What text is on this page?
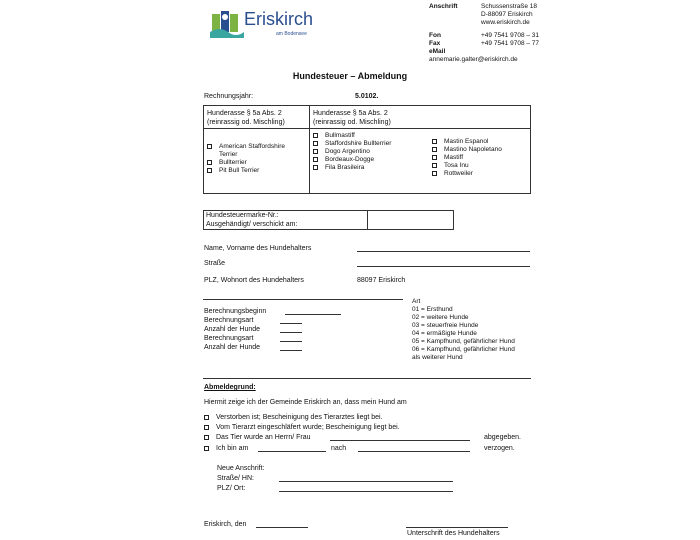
Eriskirch
am Bodensee
Anschrift	Schussenstraße 18
D-88097 Eriskirch
www.eriskirch.de
Fon	+49 7541 9708 – 31
Fax	+49 7541 9708 – 77
eMail
annemarie.galter@eriskirch.de
Hundesteuer – Abmeldung
Rechnungsjahr:	5.0102.
Hunderasse § 5a Abs. 2
(reinrassig od. Mischling)
Hunderasse § 5a Abs. 2
(reinrassig od. Mischling)
American Staffordshire
Terrier
Bullterrier
Pit Bull Terrier
Bullmastiff
Staffordshire Bullterrier
Dogo Argentino
Bordeaux-Dogge
Fila Brasileira
Mastin Espanol
Mastino Napoletano
Mastiff
Tosa Inu
Rottweiler
Hundesteuermarke-Nr.:
Ausgehändigt/ verschickt am:
Name, Vorname des Hundehalters
Straße
PLZ, Wohnort des Hundehalters	88097 Eriskirch
Berechnungsbeginn
Berechnungsart
Anzahl der Hunde
Berechnungsart
Anzahl der Hunde
Art
01 = Ersthund
02 = weitere Hunde
03 = steuerfreie Hunde
04 = ermäßigte Hunde
05 = Kampfhund, gefährlicher Hund
06 = Kampfhund, gefährlicher Hund
als weiterer Hund
Abmeldegrund:
Hiermit zeige ich der Gemeinde Eriskirch an, dass mein Hund am
Verstorben ist; Bescheinigung des Tierarztes liegt bei.
Vom Tierarzt eingeschläfert wurde; Bescheinigung liegt bei.
Das Tier wurde an Herrn/ Frau	abgegeben.
Ich bin am	nach	verzogen.
Neue Anschrift:
Straße/ HN:
PLZ/ Ort:
Eriskirch, den
Unterschrift des Hundehalters
